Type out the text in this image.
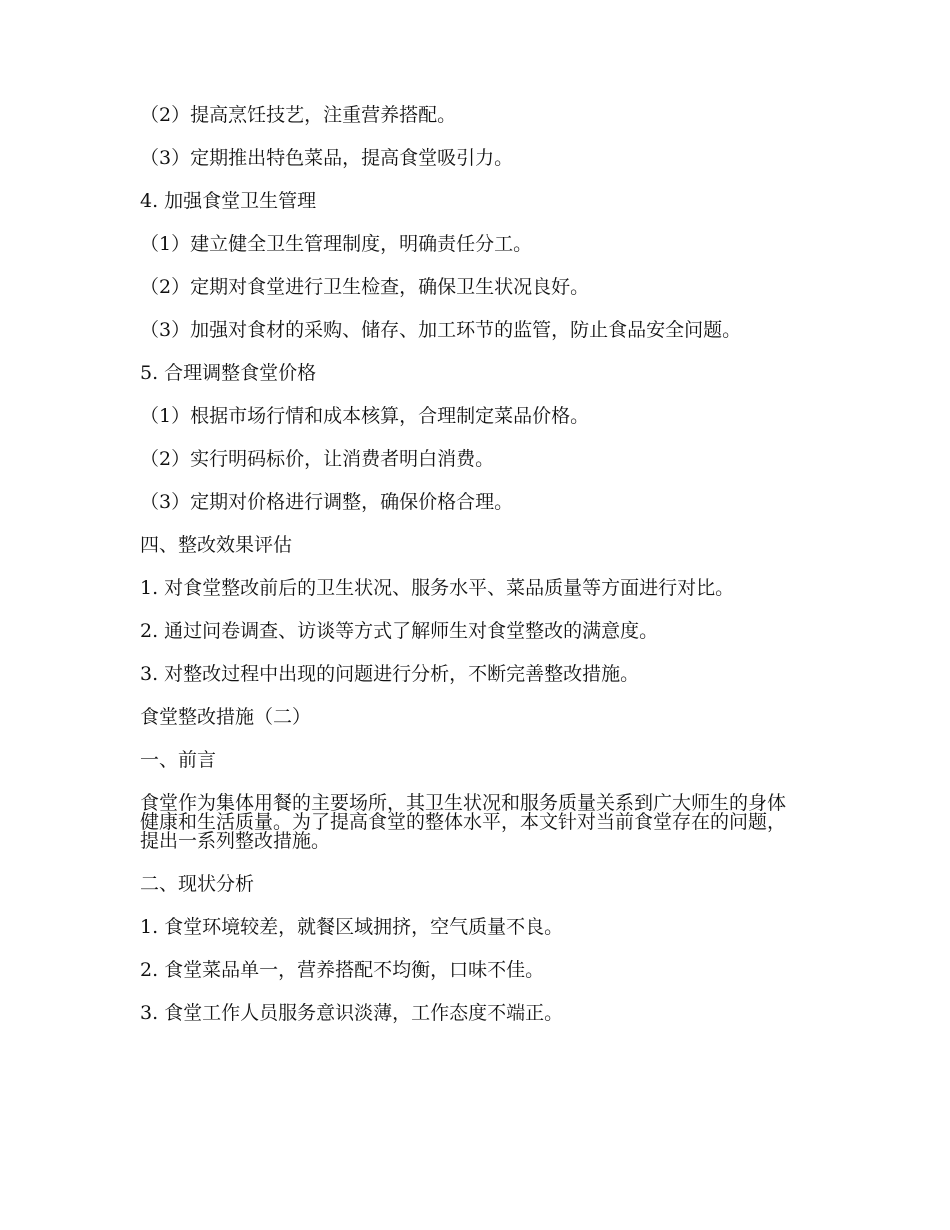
（2）提高烹饪技艺，注重营养搭配。

（3）定期推出特色菜品，提高食堂吸引力。

4. 加强食堂卫生管理

（1）建立健全卫生管理制度，明确责任分工。

（2）定期对食堂进行卫生检查，确保卫生状况良好。

（3）加强对食材的采购、储存、加工环节的监管，防止食品安全问题。

5. 合理调整食堂价格

（1）根据市场行情和成本核算，合理制定菜品价格。

（2）实行明码标价，让消费者明白消费。

（3）定期对价格进行调整，确保价格合理。

四、整改效果评估

1. 对食堂整改前后的卫生状况、服务水平、菜品质量等方面进行对比。

2. 通过问卷调查、访谈等方式了解师生对食堂整改的满意度。

3. 对整改过程中出现的问题进行分析，不断完善整改措施。

食堂整改措施（二）

一、前言

食堂作为集体用餐的主要场所，其卫生状况和服务质量关系到广大师生的身体健康和生活质量。为了提高食堂的整体水平，本文针对当前食堂存在的问题，提出一系列整改措施。

二、现状分析

1. 食堂环境较差，就餐区域拥挤，空气质量不良。

2. 食堂菜品单一，营养搭配不均衡，口味不佳。

3. 食堂工作人员服务意识淡薄，工作态度不端正。
